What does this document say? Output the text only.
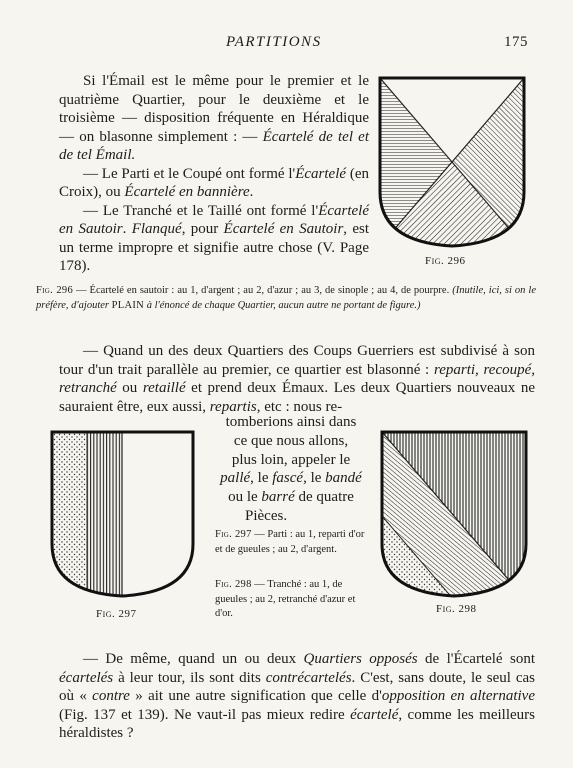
PARTITIONS	175

Si l'Émail est le même pour le premier et le quatrième Quartier, pour le deuxième et le troisième — disposition fréquente en Héraldique — on blasonne simplement : — Écartelé de tel et de tel Émail.

— Le Parti et le Coupé ont formé l'Écartelé (en Croix), ou Écartelé en bannière.

— Le Tranché et le Taillé ont formé l'Écartelé en Sautoir. Flanqué, pour Écartelé en Sautoir, est un terme impropre et signifie autre chose (V. Page 178).	Fig. 296
Fig. 296 — Écartelé en sautoir : au 1, d'argent ; au 2, d'azur ; au 3, de sinople ; au 4, de pourpre. (Inutile, ici, si on le préfère, d'ajouter PLAIN à l'énoncé de chaque Quartier, aucun autre ne portant de figure.)

— Quand un des deux Quartiers des Coups Guerriers est subdivisé à son tour d'un trait parallèle au premier, ce quartier est blasonné : reparti, recoupé, retranché ou retaillé et prend deux Émaux. Les deux Quartiers nouveaux ne sauraient être, eux aussi, repartis, etc : nous re-

Fig. 297
tomberions ainsi dans
ce que nous allons,
plus loin, appeler le
pallé, le fascé, le bandé
ou le barré de quatre
Pièces.
Fig. 297 — Parti : au 1, reparti d'or et de gueules ; au 2, d'argent.
Fig. 298 — Tranché : au 1, de gueules ; au 2, retranché d'azur et d'or.	Fig. 298

— De même, quand un ou deux Quartiers opposés de l'Écartelé sont écartelés à leur tour, ils sont dits contrécartelés. C'est, sans doute, le seul cas où « contre » ait une autre signification que celle d'opposition en alternative (Fig. 137 et 139). Ne vaut-il pas mieux redire écartelé, comme les meilleurs héraldistes ?
